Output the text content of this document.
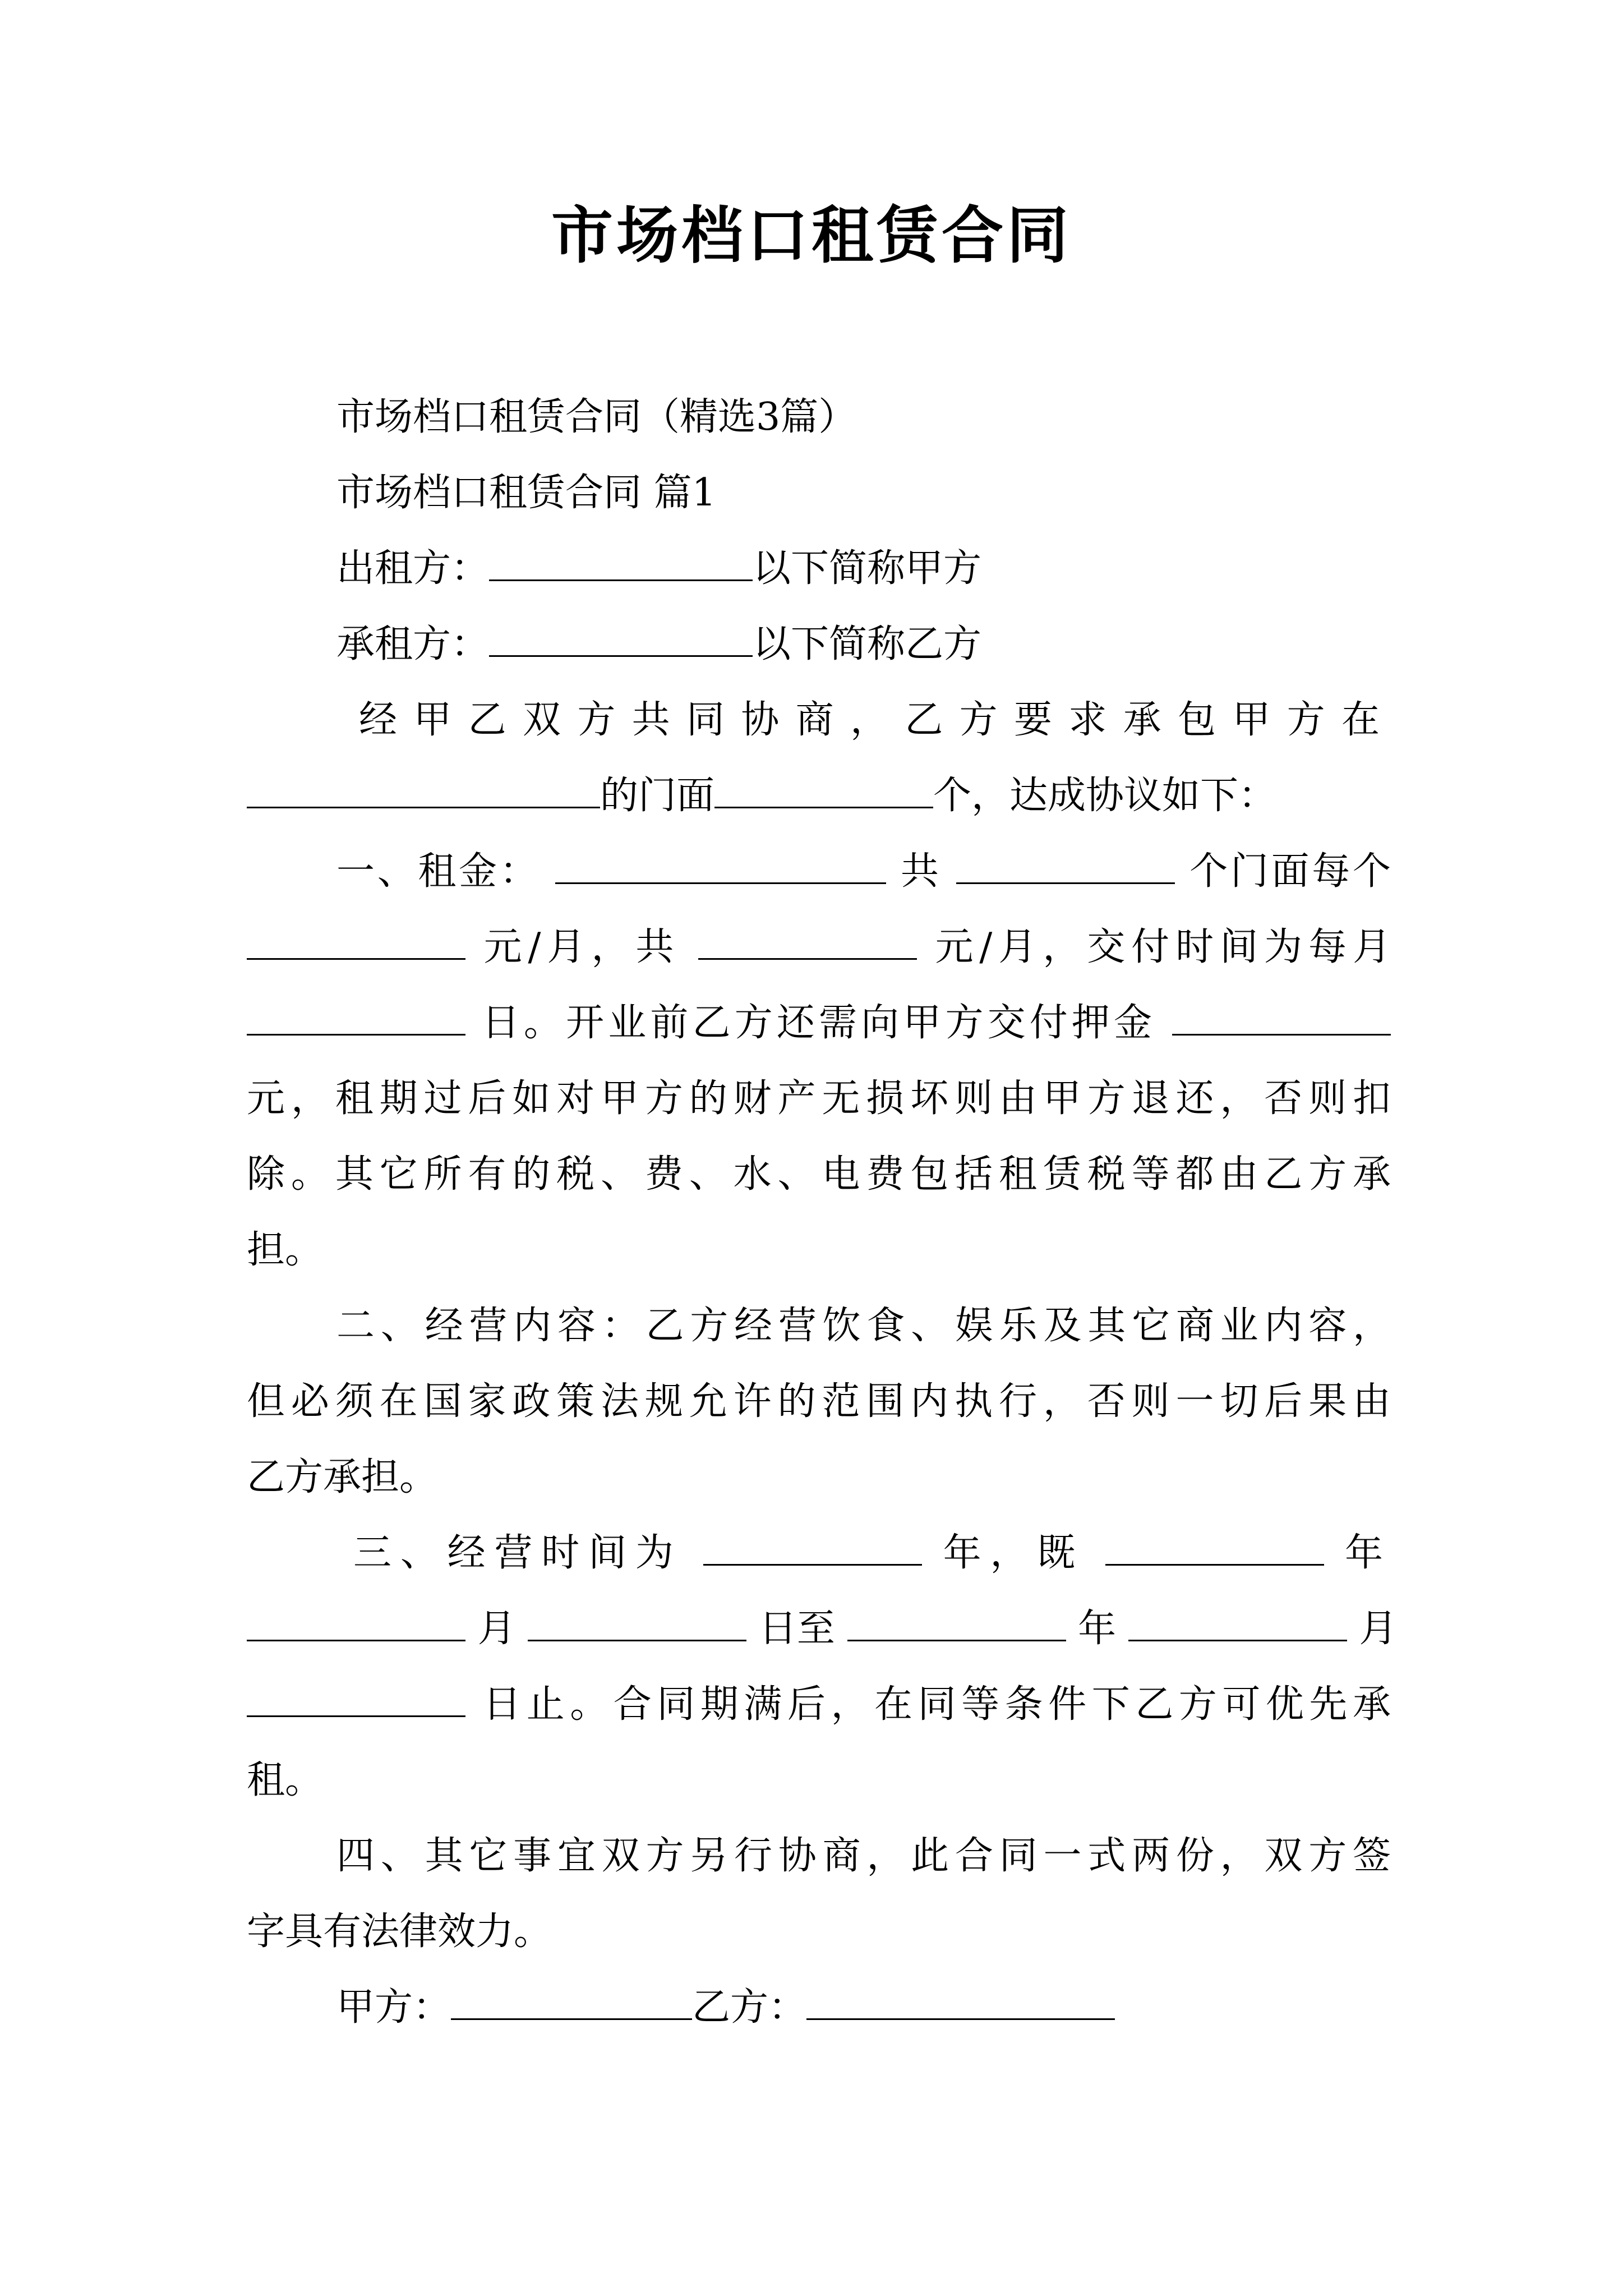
市场档口租赁合同
市场档口租赁合同（精选3篇）
市场档口租赁合同 篇1
出租方：	以下简称甲方
承租方：	以下简称乙方
经甲乙双方共同协商，乙方要求承包甲方在
的门面	个，达成协议如下：
一、租金：	共	个门面每个
元/月，共	元/月，交付时间为每月
日。开业前乙方还需向甲方交付押金
元，租期过后如对甲方的财产无损坏则由甲方退还，否则扣
除。其它所有的税、费、水、电费包括租赁税等都由乙方承
担。
二、经营内容：乙方经营饮食、娱乐及其它商业内容，
但必须在国家政策法规允许的范围内执行，否则一切后果由
乙方承担。
三、经营时间为	年，既	年
月	日至	年	月
日止。合同期满后，在同等条件下乙方可优先承
租。
四、其它事宜双方另行协商，此合同一式两份，双方签
字具有法律效力。
甲方：	乙方：
